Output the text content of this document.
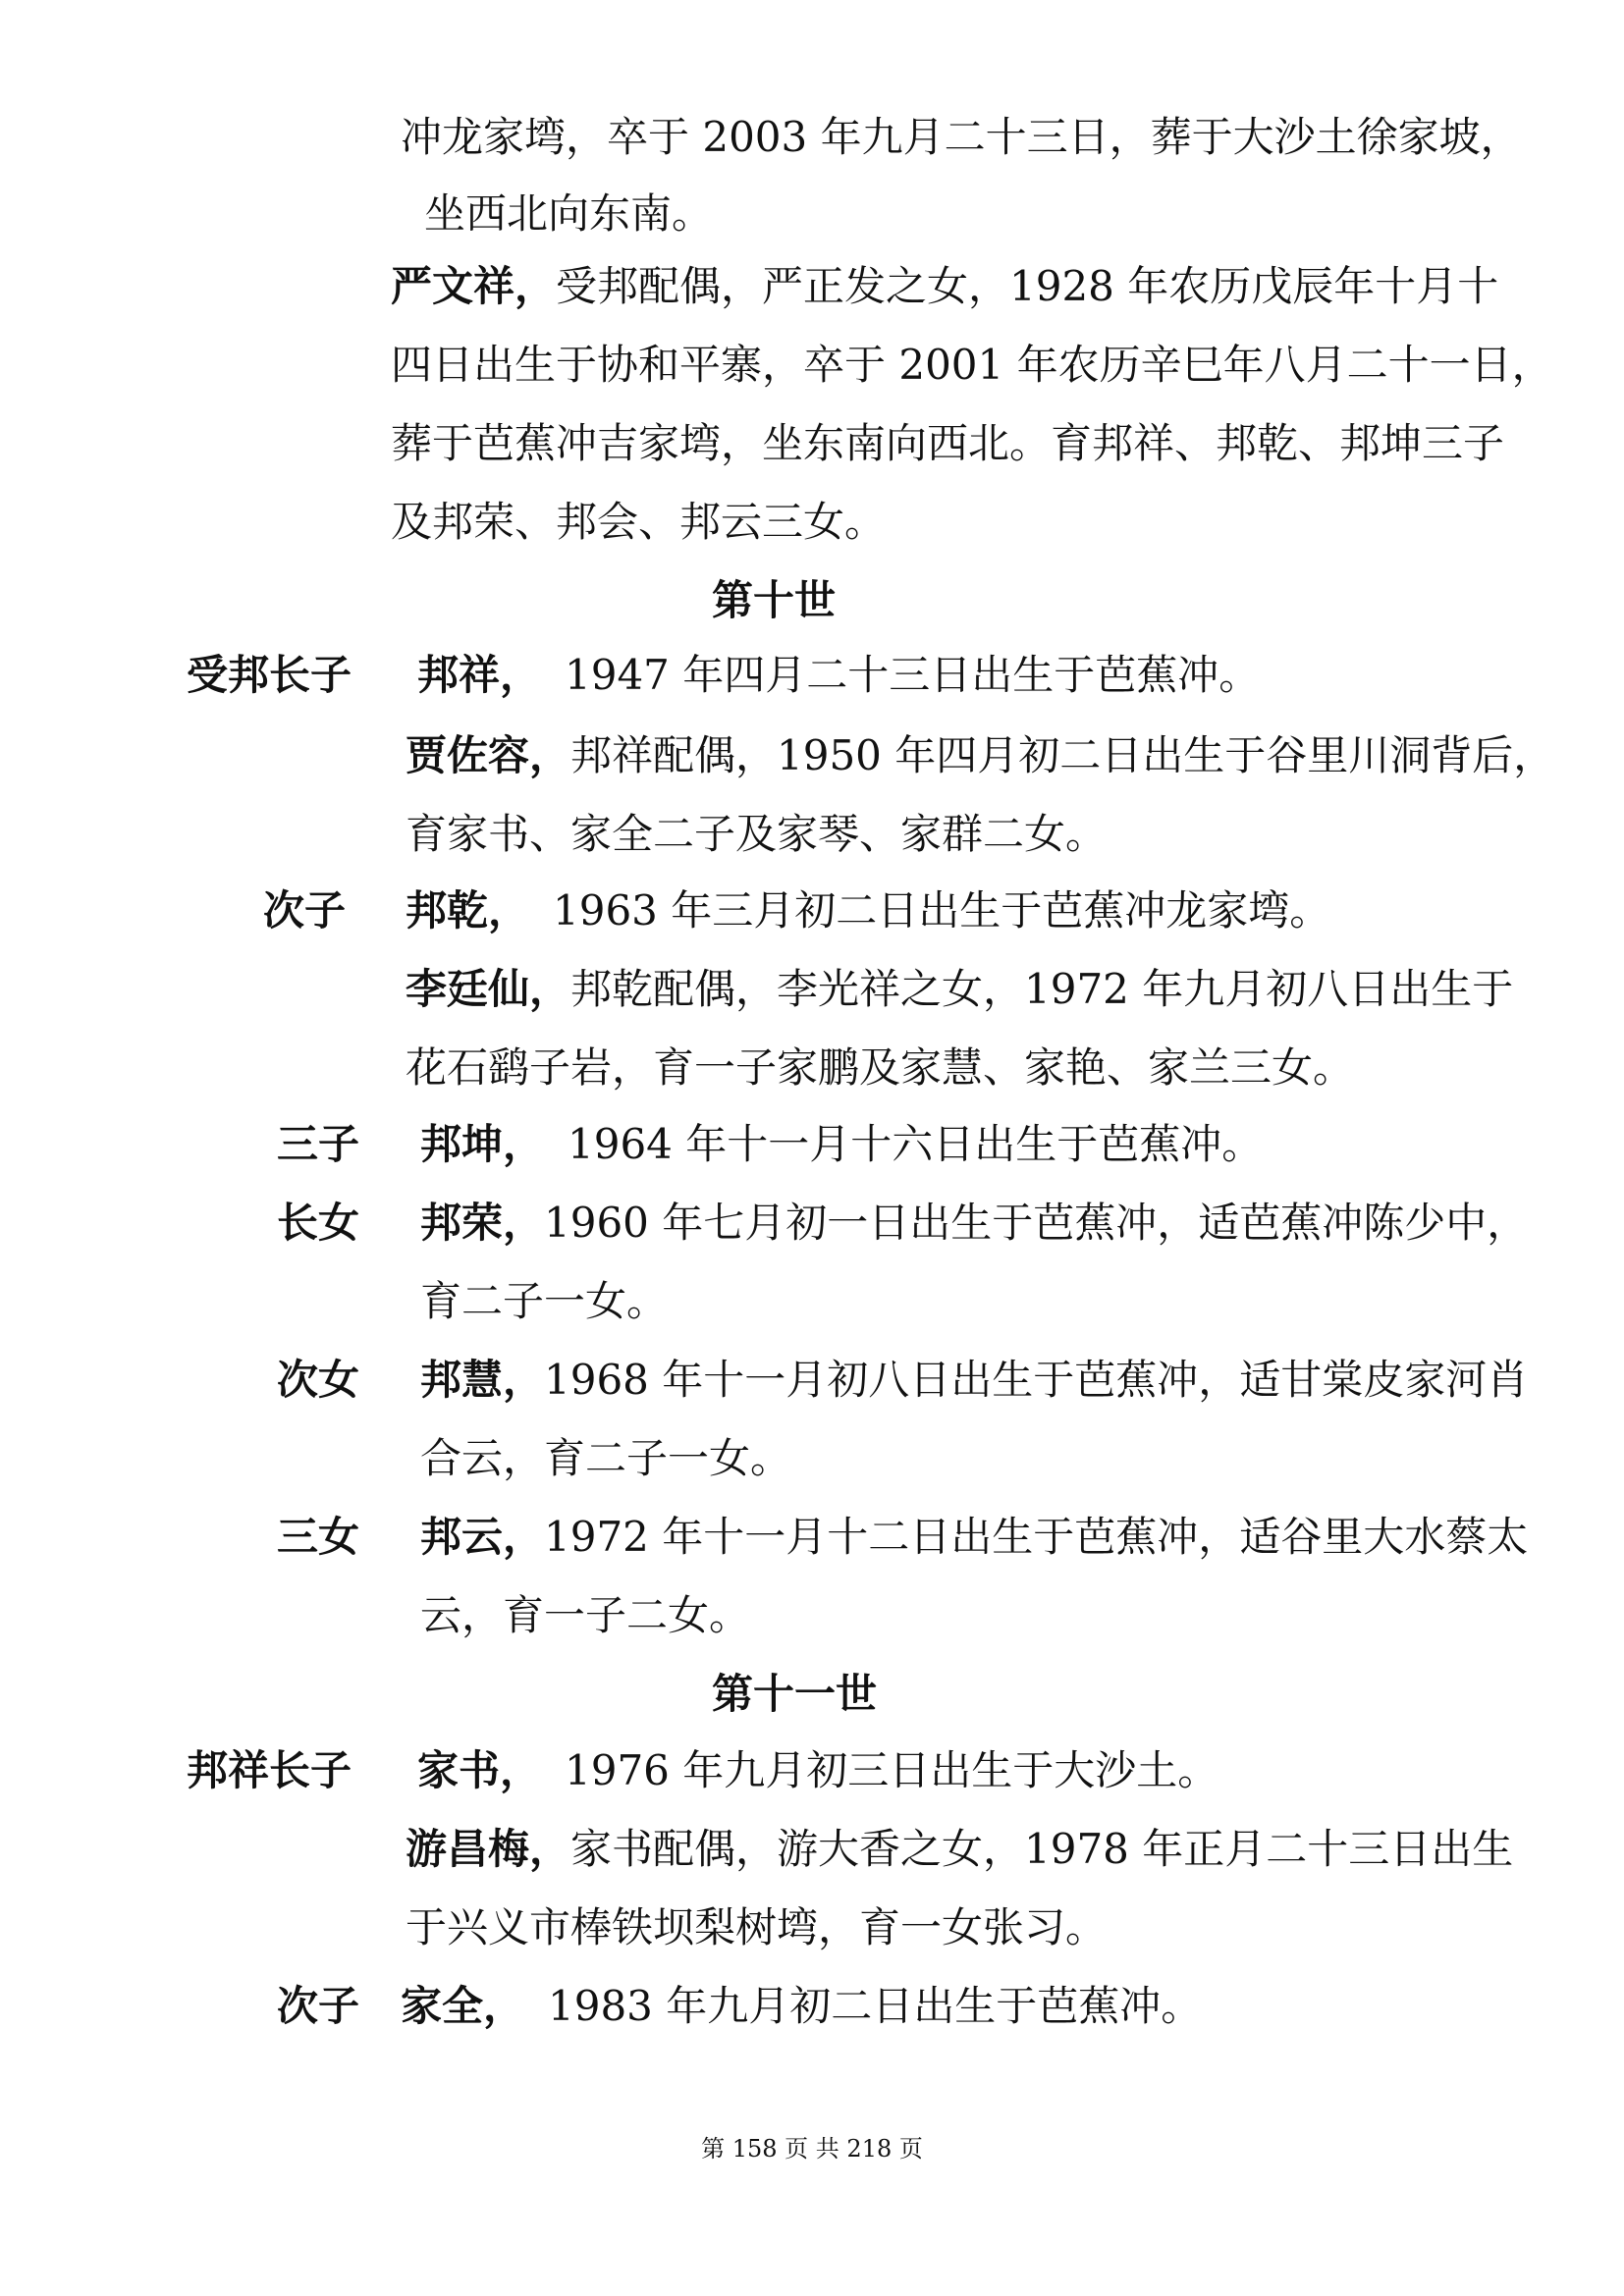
冲龙家塆，卒于 2003 年九月二十三日，葬于大沙土徐家坡，
坐西北向东南。
严文祥，受邦配偶，严正发之女，1928 年农历戊辰年十月十
四日出生于协和平寨，卒于 2001 年农历辛巳年八月二十一日，
葬于芭蕉冲吉家塆，坐东南向西北。育邦祥、邦乾、邦坤三子
及邦荣、邦会、邦云三女。
第十世
受邦长子 邦祥， 1947 年四月二十三日出生于芭蕉冲。
贾佐容，邦祥配偶，1950 年四月初二日出生于谷里川洞背后，
育家书、家全二子及家琴、家群二女。
次子 邦乾， 1963 年三月初二日出生于芭蕉冲龙家塆。
李廷仙，邦乾配偶，李光祥之女，1972 年九月初八日出生于
花石鹞子岩，育一子家鹏及家慧、家艳、家兰三女。
三子 邦坤， 1964 年十一月十六日出生于芭蕉冲。
长女 邦荣，1960 年七月初一日出生于芭蕉冲，适芭蕉冲陈少中，
育二子一女。
次女 邦慧，1968 年十一月初八日出生于芭蕉冲，适甘棠皮家河肖
合云，育二子一女。
三女 邦云，1972 年十一月十二日出生于芭蕉冲，适谷里大水蔡太
云，育一子二女。
第十一世
邦祥长子 家书， 1976 年九月初三日出生于大沙土。
游昌梅，家书配偶，游大香之女，1978 年正月二十三日出生
于兴义市棒铁坝梨树塆，育一女张习。
次子 家全， 1983 年九月初二日出生于芭蕉冲。
第 158 页 共 218 页
